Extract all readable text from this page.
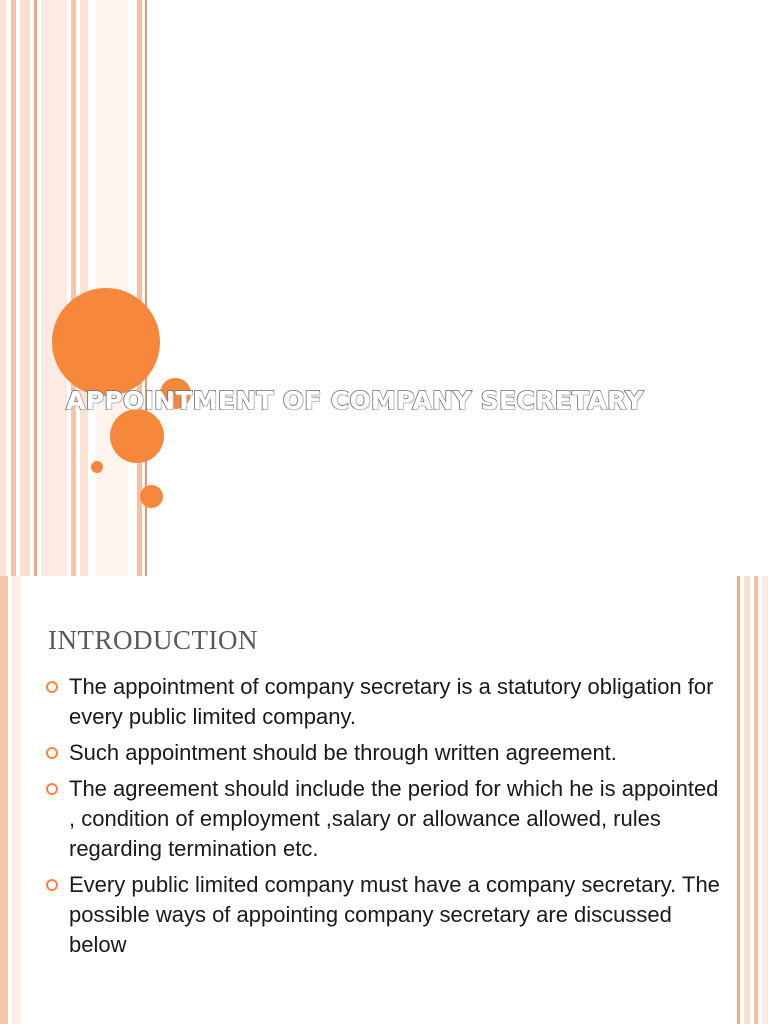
APPOINTMENT OF COMPANY SECRETARY
INTRODUCTION
The appointment of company secretary is a statutory obligation for every public limited company.
Such appointment should be through written agreement.
The agreement should include the period for which he is appointed , condition of employment ,salary or allowance allowed, rules regarding termination etc.
Every public limited company must have a company secretary. The possible ways of appointing company secretary are discussed below
